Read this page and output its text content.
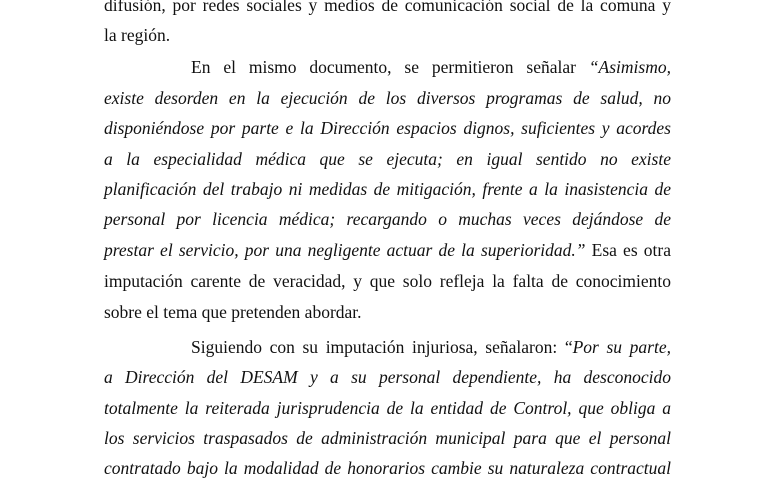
difusión, por redes sociales y medios de comunicación social de la comuna y
la región.
En el mismo documento, se permitieron señalar “Asimismo,
existe desorden en la ejecución de los diversos programas de salud, no
disponiéndose por parte e la Dirección espacios dignos, suficientes y acordes
a la especialidad médica que se ejecuta; en igual sentido no existe
planificación del trabajo ni medidas de mitigación, frente a la inasistencia de
personal por licencia médica; recargando o muchas veces dejándose de
prestar el servicio, por una negligente actuar de la superioridad.” Esa es otra
imputación carente de veracidad, y que solo refleja la falta de conocimiento
sobre el tema que pretenden abordar.
Siguiendo con su imputación injuriosa, señalaron: “Por su parte,
a Dirección del DESAM y a su personal dependiente, ha desconocido
totalmente la reiterada jurisprudencia de la entidad de Control, que obliga a
los servicios traspasados de administración municipal para que el personal
contratado bajo la modalidad de honorarios cambie su naturaleza contractual
